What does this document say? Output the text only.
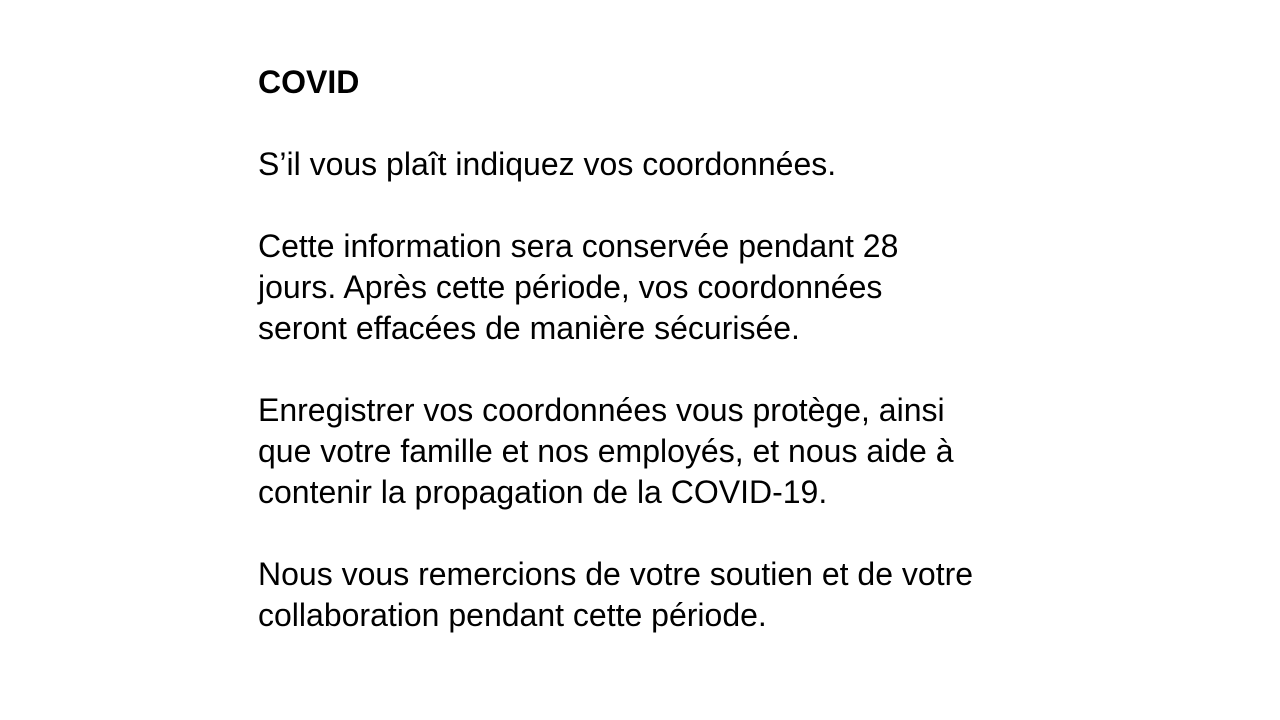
COVID

S’il vous plaît indiquez vos coordonnées.

Cette information sera conservée pendant 28
jours. Après cette période, vos coordonnées
seront effacées de manière sécurisée.

Enregistrer vos coordonnées vous protège, ainsi
que votre famille et nos employés, et nous aide à
contenir la propagation de la COVID-19.

Nous vous remercions de votre soutien et de votre
collaboration pendant cette période.
